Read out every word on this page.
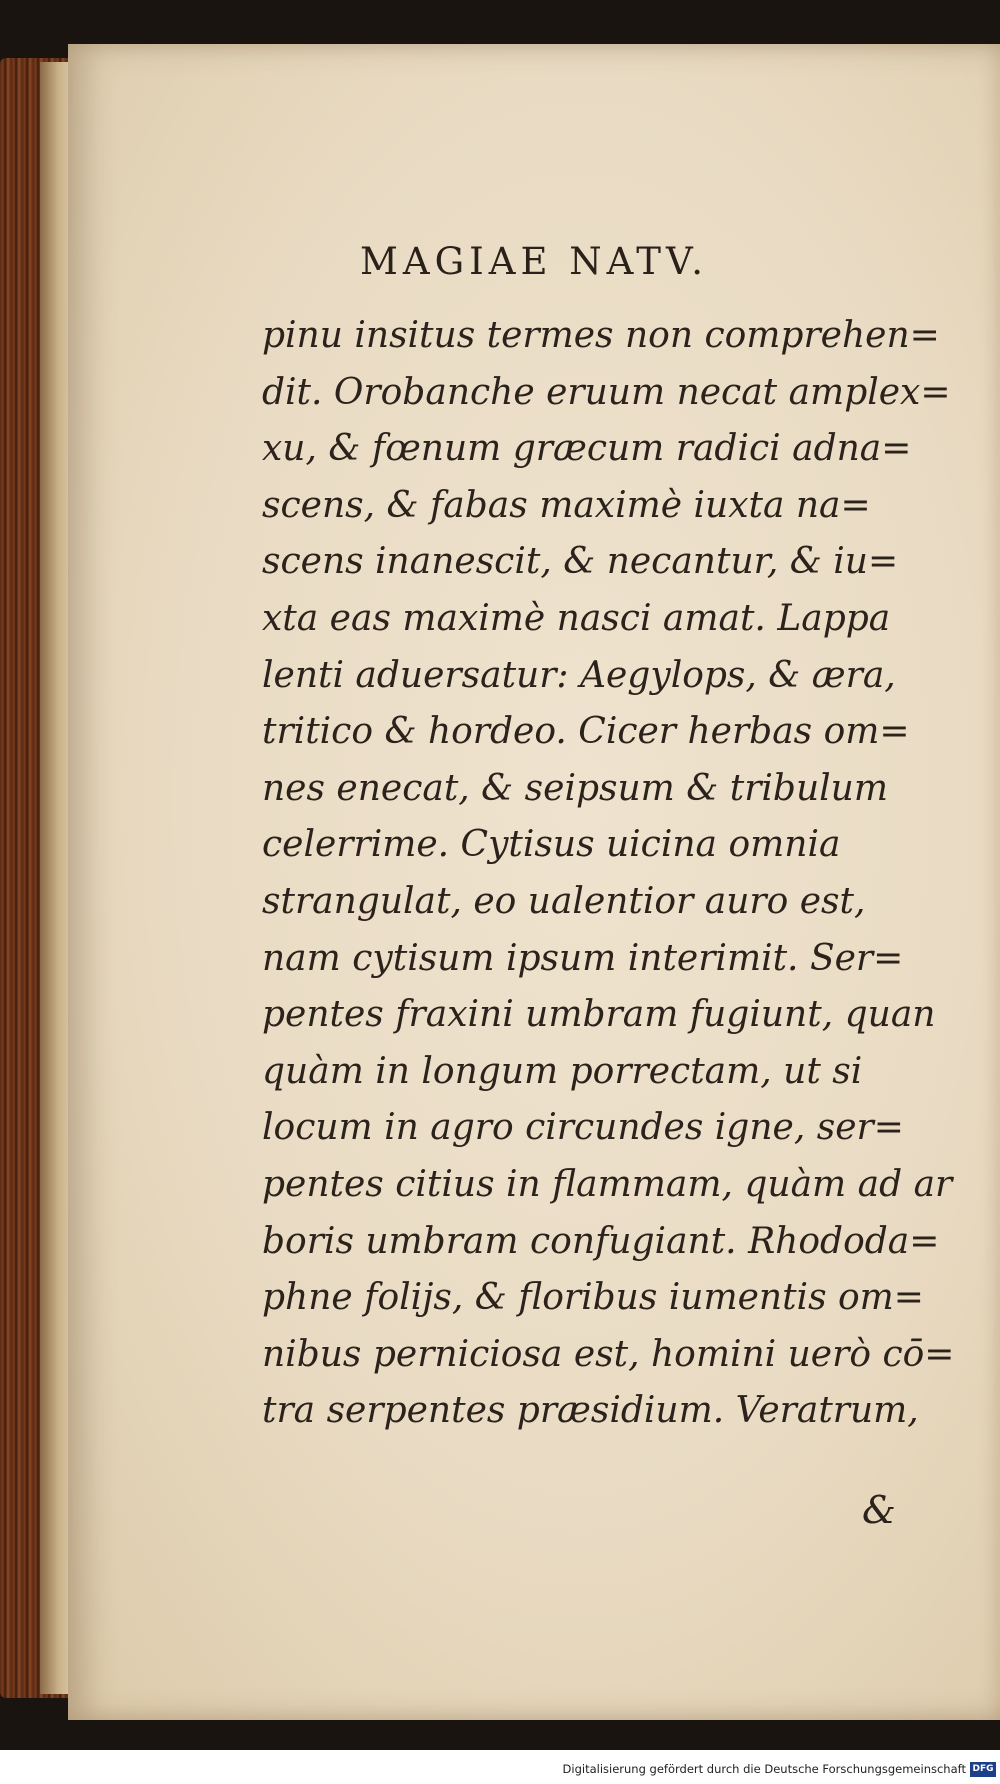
MAGIAE NATV.
pinu insitus termes non comprehen=
dit. Orobanche eruum necat amplex=
xu, & fœnum græcum radici adna=
scens, & fabas maximè iuxta na=
scens inanescit, & necantur, & iu=
xta eas maximè nasci amat. Lappa
lenti aduersatur: Aegylops, & æra,
tritico & hordeo. Cicer herbas om=
nes enecat, & seipsum & tribulum
celerrime. Cytisus uicina omnia
strangulat, eo ualentior auro est,
nam cytisum ipsum interimit. Ser=
pentes fraxini umbram fugiunt, quan
quàm in longum porrectam, ut si
locum in agro circundes igne, ser=
pentes citius in flammam, quàm ad ar
boris umbram confugiant. Rhododa=
phne folijs, & floribus iumentis om=
nibus perniciosa est, homini uerò cō=
tra serpentes præsidium. Veratrum,
&
Digitalisierung gefördert durch die Deutsche Forschungsgemeinschaft DFG
